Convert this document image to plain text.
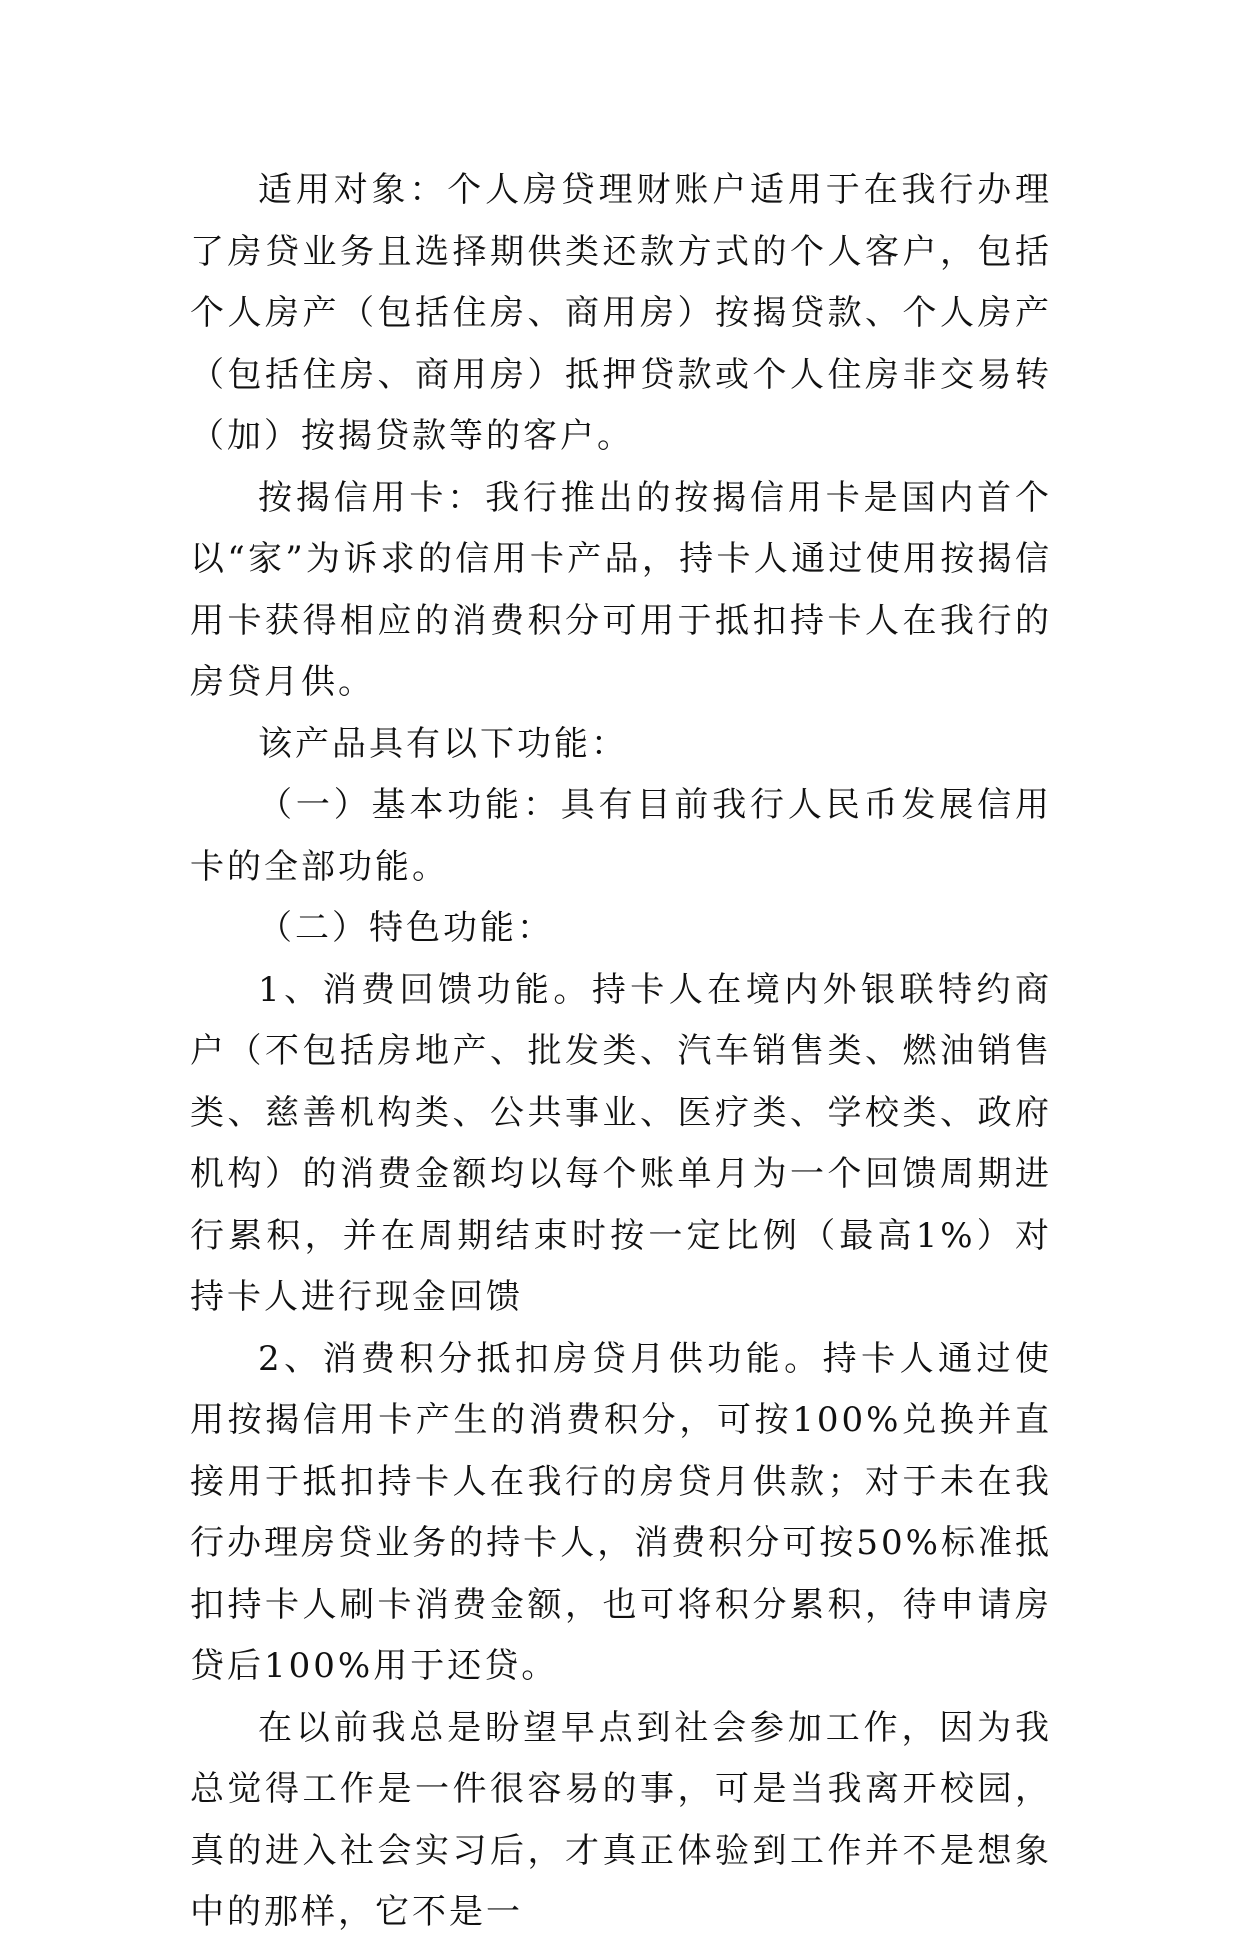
适用对象：个人房贷理财账户适用于在我行办理了房贷业务且选择期供类还款方式的个人客户，包括个人房产（包括住房、商用房）按揭贷款、个人房产（包括住房、商用房）抵押贷款或个人住房非交易转（加）按揭贷款等的客户。

按揭信用卡：我行推出的按揭信用卡是国内首个以“家”为诉求的信用卡产品，持卡人通过使用按揭信用卡获得相应的消费积分可用于抵扣持卡人在我行的房贷月供。

该产品具有以下功能：

（一）基本功能：具有目前我行人民币发展信用卡的全部功能。

（二）特色功能：

1、消费回馈功能。持卡人在境内外银联特约商户（不包括房地产、批发类、汽车销售类、燃油销售类、慈善机构类、公共事业、医疗类、学校类、政府机构）的消费金额均以每个账单月为一个回馈周期进行累积，并在周期结束时按一定比例（最高1%）对持卡人进行现金回馈

2、消费积分抵扣房贷月供功能。持卡人通过使用按揭信用卡产生的消费积分，可按100%兑换并直接用于抵扣持卡人在我行的房贷月供款；对于未在我行办理房贷业务的持卡人，消费积分可按50%标准抵扣持卡人刷卡消费金额，也可将积分累积，待申请房贷后100%用于还贷。

在以前我总是盼望早点到社会参加工作，因为我总觉得工作是一件很容易的事，可是当我离开校园，真的进入社会实习后，才真正体验到工作并不是想象中的那样，它不是一
